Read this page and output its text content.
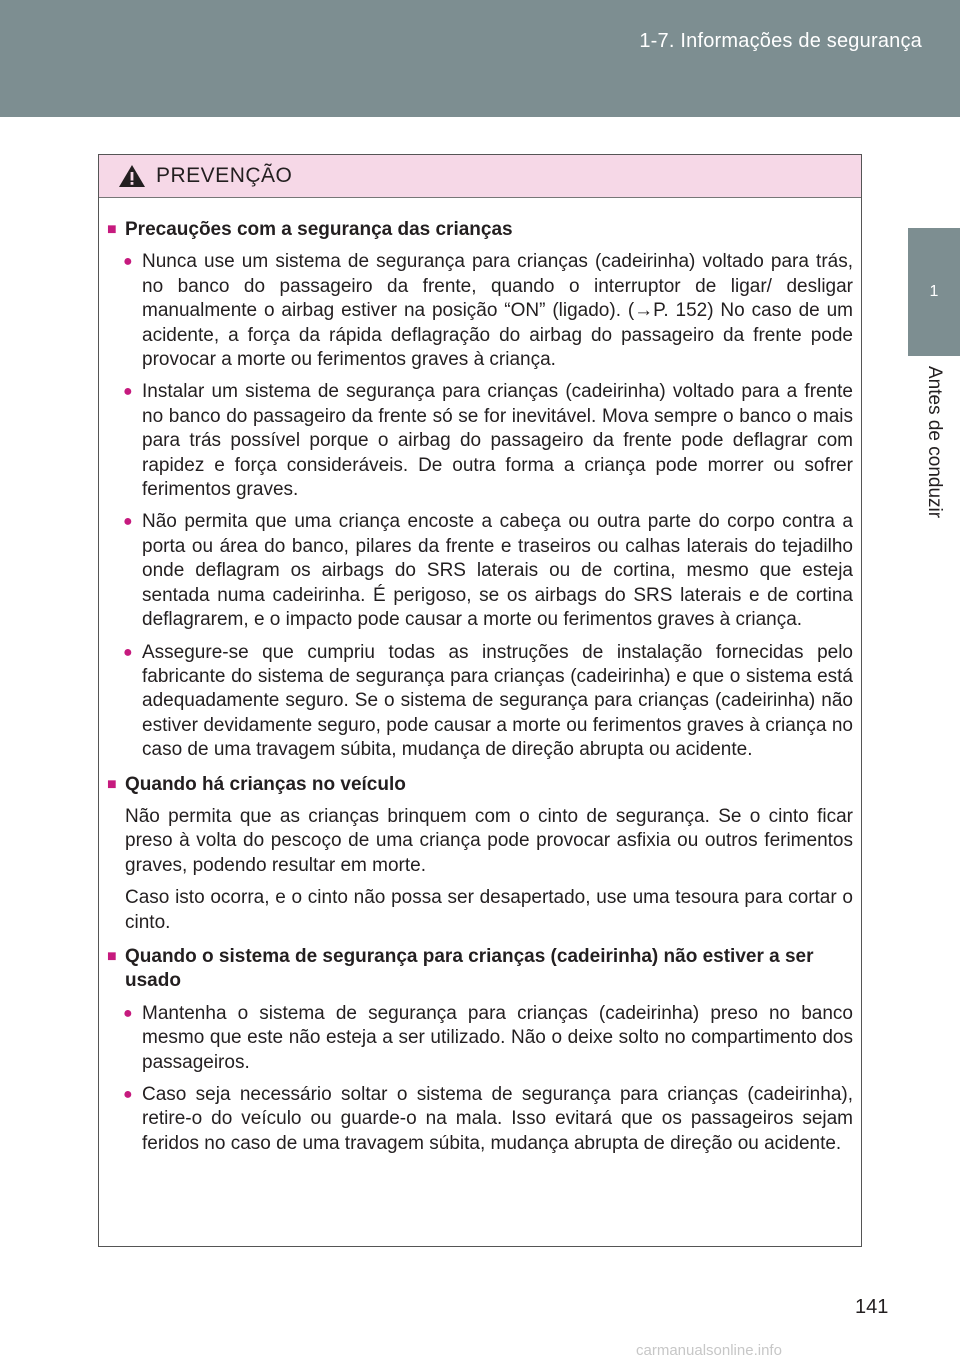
1-7. Informações de segurança
1
Antes de conduzir
PREVENÇÃO
■ Precauções com a segurança das crianças
● Nunca use um sistema de segurança para crianças (cadeirinha) voltado para trás, no banco do passageiro da frente, quando o interruptor de ligar/ desligar manualmente o airbag estiver na posição “ON” (ligado). (→P. 152) No caso de um acidente, a força da rápida deflagração do airbag do passageiro da frente pode provocar a morte ou ferimentos graves à criança.
● Instalar um sistema de segurança para crianças (cadeirinha) voltado para a frente no banco do passageiro da frente só se for inevitável. Mova sempre o banco o mais para trás possível porque o airbag do passageiro da frente pode deflagrar com rapidez e força consideráveis. De outra forma a criança pode morrer ou sofrer ferimentos graves.
● Não permita que uma criança encoste a cabeça ou outra parte do corpo contra a porta ou área do banco, pilares da frente e traseiros ou calhas laterais do tejadilho onde deflagram os airbags do SRS laterais ou de cortina, mesmo que esteja sentada numa cadeirinha. É perigoso, se os airbags do SRS laterais e de cortina deflagrarem, e o impacto pode causar a morte ou ferimentos graves à criança.
● Assegure-se que cumpriu todas as instruções de instalação fornecidas pelo fabricante do sistema de segurança para crianças (cadeirinha) e que o sistema está adequadamente seguro. Se o sistema de segurança para crianças (cadeirinha) não estiver devidamente seguro, pode causar a morte ou ferimentos graves à criança no caso de uma travagem súbita, mudança de direção abrupta ou acidente.
■ Quando há crianças no veículo
Não permita que as crianças brinquem com o cinto de segurança. Se o cinto ficar preso à volta do pescoço de uma criança pode provocar asfixia ou outros ferimentos graves, podendo resultar em morte.
Caso isto ocorra, e o cinto não possa ser desapertado, use uma tesoura para cortar o cinto.
■ Quando o sistema de segurança para crianças (cadeirinha) não estiver a ser usado
● Mantenha o sistema de segurança para crianças (cadeirinha) preso no banco mesmo que este não esteja a ser utilizado. Não o deixe solto no compartimento dos passageiros.
● Caso seja necessário soltar o sistema de segurança para crianças (cadeirinha), retire-o do veículo ou guarde-o na mala. Isso evitará que os passageiros sejam feridos no caso de uma travagem súbita, mudança abrupta de direção ou acidente.
141
carmanualsonline.info
